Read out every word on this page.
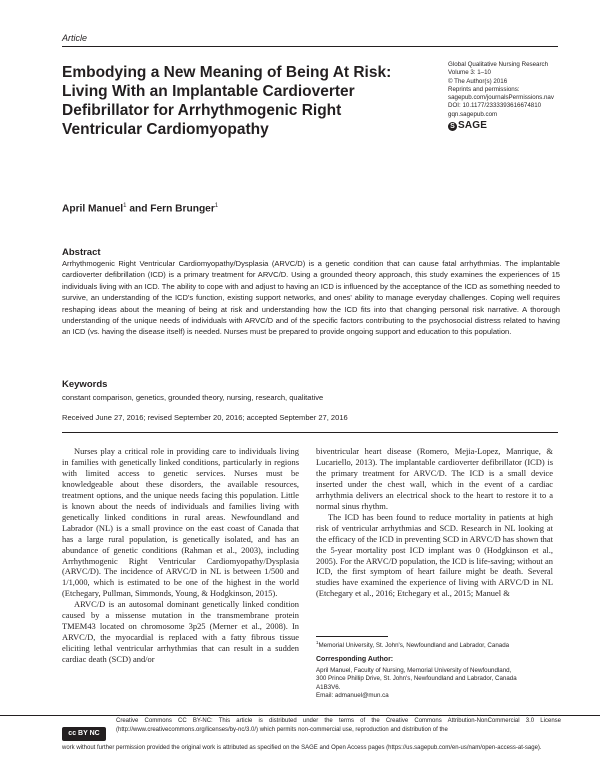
Article
Embodying a New Meaning of Being At Risk: Living With an Implantable Cardioverter Defibrillator for Arrhythmogenic Right Ventricular Cardiomyopathy
Global Qualitative Nursing Research
Volume 3: 1–10
© The Author(s) 2016
Reprints and permissions:
sagepub.com/journalsPermissions.nav
DOI: 10.1177/2333393616674810
gqn.sagepub.com
S SAGE
April Manuel$^1$ and Fern Brunger$^1$
Abstract

Arrhythmogenic Right Ventricular Cardiomyopathy/Dysplasia (ARVC/D) is a genetic condition that can cause fatal arrhythmias. The implantable cardioverter defibrillation (ICD) is a primary treatment for ARVC/D. Using a grounded theory approach, this study examines the experiences of 15 individuals living with an ICD. The ability to cope with and adjust to having an ICD is influenced by the acceptance of the ICD as something needed to survive, an understanding of the ICD's function, existing support networks, and ones' ability to manage everyday challenges. Coping well requires reshaping ideas about the meaning of being at risk and understanding how the ICD fits into that changing personal risk narrative. A thorough understanding of the unique needs of individuals with ARVC/D and of the specific factors contributing to the psychosocial distress related to having an ICD (vs. having the disease itself) is needed. Nurses must be prepared to provide ongoing support and education to this population.

Keywords
constant comparison, genetics, grounded theory, nursing, research, qualitative
Received June 27, 2016; revised September 20, 2016; accepted September 27, 2016

Nurses play a critical role in providing care to individuals living in families with genetically linked conditions, particularly in regions with limited access to genetic services. Nurses must be knowledgeable about these disorders, the available resources, treatment options, and the unique needs facing this population. Little is known about the needs of individuals and families living with genetically linked conditions in rural areas. Newfoundland and Labrador (NL) is a small province on the east coast of Canada that has a large rural population, is genetically isolated, and has an abundance of genetic conditions (Rahman et al., 2003), including Arrhythmogenic Right Ventricular Cardiomyopathy/Dysplasia (ARVC/D). The incidence of ARVC/D in NL is between 1/500 and 1/1,000, which is estimated to be one of the highest in the world (Etchegary, Pullman, Simmonds, Young, & Hodgkinson, 2015).

ARVC/D is an autosomal dominant genetically linked condition caused by a missense mutation in the transmembrane protein TMEM43 located on chromosome 3p25 (Merner et al., 2008). In ARVC/D, the myocardial is replaced with a fatty fibrous tissue eliciting lethal ventricular arrhythmias that can result in a sudden cardiac death (SCD) and/or

biventricular heart disease (Romero, Mejia-Lopez, Manrique, & Lucariello, 2013). The implantable cardioverter defibrillator (ICD) is the primary treatment for ARVC/D. The ICD is a small device inserted under the chest wall, which in the event of a cardiac arrhythmia delivers an electrical shock to the heart to restore it to a normal sinus rhythm.

The ICD has been found to reduce mortality in patients at high risk of ventricular arrhythmias and SCD. Research in NL looking at the efficacy of the ICD in preventing SCD in ARVC/D has shown that the 5-year mortality post ICD implant was 0 (Hodgkinson et al., 2005). For the ARVC/D population, the ICD is life-saving; without an ICD, the first symptom of heart failure might be death. Several studies have examined the experience of living with ARVC/D in NL (Etchegary et al., 2016; Etchegary et al., 2015; Manuel &

$^1$Memorial University, St. John's, Newfoundland and Labrador, Canada
Corresponding Author:
April Manuel, Faculty of Nursing, Memorial University of Newfoundland,
300 Prince Phillip Drive, St. John's, Newfoundland and Labrador, Canada
A1B3V6.
Email: admanuel@mun.ca
cc BY NC

Creative Commons CC BY-NC: This article is distributed under the terms of the Creative Commons Attribution-NonCommercial 3.0 License (http://www.creativecommons.org/licenses/by-nc/3.0/) which permits non-commercial use, reproduction and distribution of the

work without further permission provided the original work is attributed as specified on the SAGE and Open Access pages (https://us.sagepub.com/en-us/nam/open-access-at-sage).
